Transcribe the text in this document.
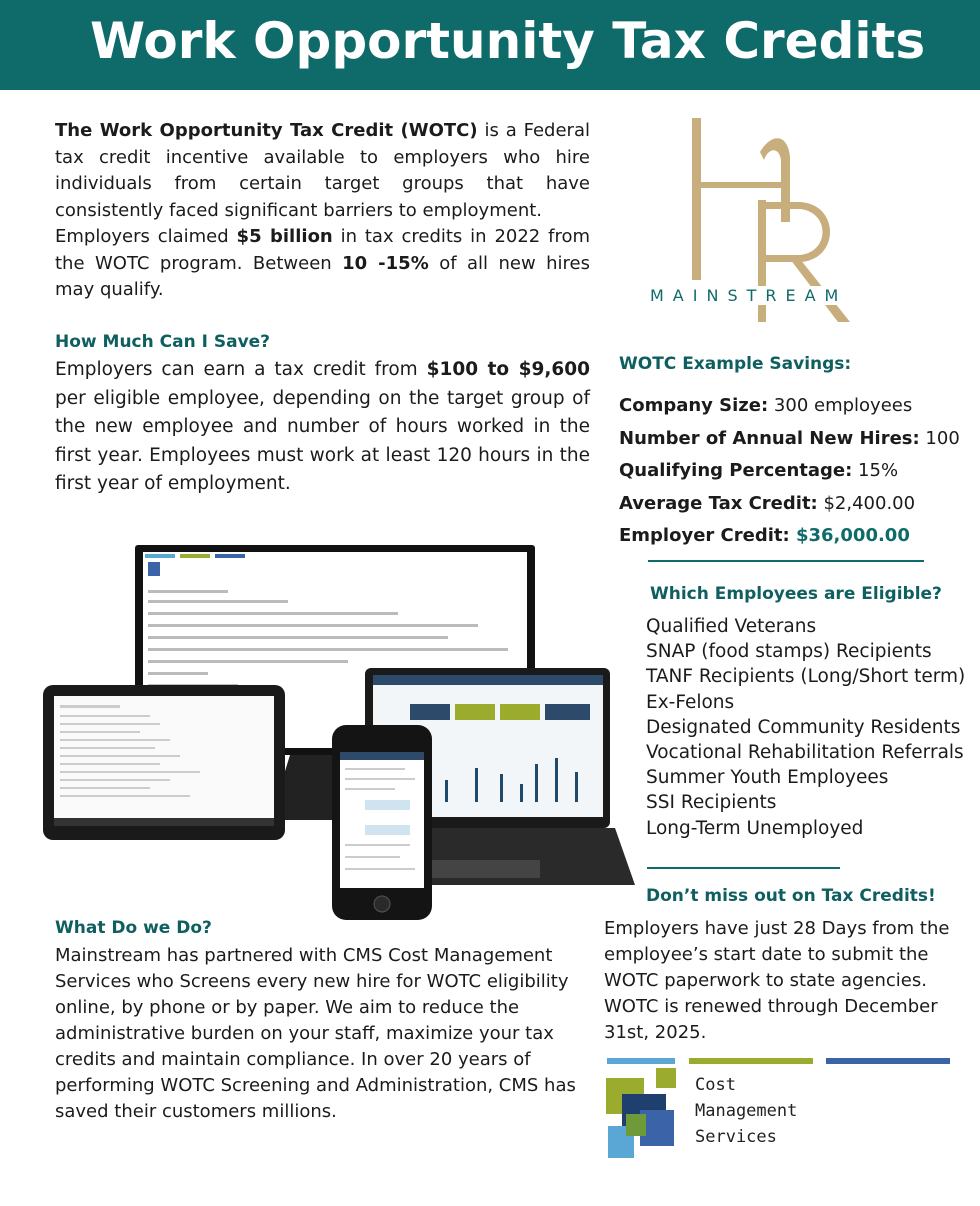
Work Opportunity Tax Credits

The Work Opportunity Tax Credit (WOTC) is a Federal tax credit incentive available to employers who hire individuals from certain target groups that have consistently faced significant barriers to employment.
Employers claimed $5 billion in tax credits in 2022 from the WOTC program. Between 10 -15% of all new hires may qualify.

How Much Can I Save?

Employers can earn a tax credit from $100 to $9,600 per eligible employee, depending on the target group of the new employee and number of hours worked in the first year. Employees must work at least 120 hours in the first year of employment.

What Do we Do?

Mainstream has partnered with CMS Cost Management Services who Screens every new hire for WOTC eligibility online, by phone or by paper. We aim to reduce the administrative burden on your staff, maximize your tax credits and maintain compliance. In over 20 years of performing WOTC Screening and Administration, CMS has saved their customers millions.

MAINSTREAM
WOTC Example Savings:
Company Size: 300 employees
Number of Annual New Hires: 100
Qualifying Percentage: 15%
Average Tax Credit: $2,400.00
Employer Credit: $36,000.00
Which Employees are Eligible?
Qualified Veterans
SNAP (food stamps) Recipients
TANF Recipients (Long/Short term)
Ex-Felons
Designated Community Residents
Vocational Rehabilitation Referrals
Summer Youth Employees
SSI Recipients
Long-Term Unemployed
Don’t miss out on Tax Credits!

Employers have just 28 Days from the employee’s start date to submit the WOTC paperwork to state agencies. WOTC is renewed through December 31st, 2025.

Cost
Management
Services
